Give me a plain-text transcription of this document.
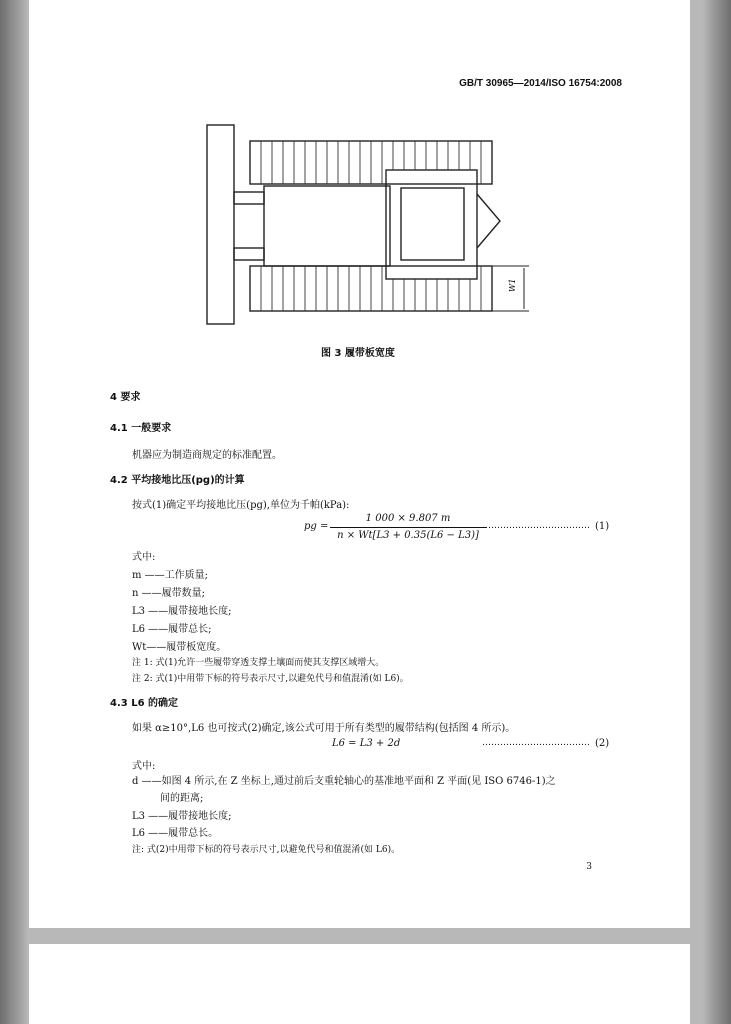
GB/T 30965—2014/ISO 16754:2008
W1
图 3 履带板宽度
4 要求
4.1 一般要求
机器应为制造商规定的标准配置。
4.2 平均接地比压(pg)的计算
按式(1)确定平均接地比压(pg),单位为千帕(kPa):
pg =
1 000 × 9.807 m
n × Wt[L3 + 0.35(L6 − L3)]
……………………………… (1)
式中:
m ——工作质量;
n ——履带数量;
L3 ——履带接地长度;
L6 ——履带总长;
Wt——履带板宽度。
注 1: 式(1)允许一些履带穿透支撑土壤面而使其支撑区域增大。
注 2: 式(1)中用带下标的符号表示尺寸,以避免代号和值混淆(如 L6)。
4.3 L6 的确定
如果 α≥10°,L6 也可按式(2)确定,该公式可用于所有类型的履带结构(包括图 4 所示)。
L6 = L3 + 2d	……………………………… (2)
式中:
d ——如图 4 所示,在 Z 坐标上,通过前后支重轮轴心的基准地平面和 Z 平面(见 ISO 6746-1)之
间的距离;
L3 ——履带接地长度;
L6 ——履带总长。
注: 式(2)中用带下标的符号表示尺寸,以避免代号和值混淆(如 L6)。
3
